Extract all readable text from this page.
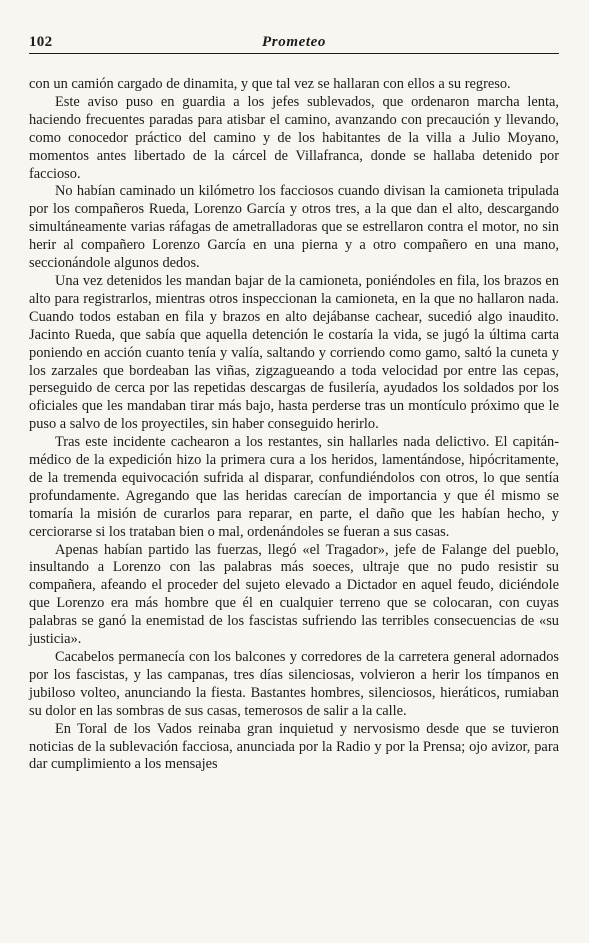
102	Prometeo

con un camión cargado de dinamita, y que tal vez se hallaran con ellos a su regreso.

Este aviso puso en guardia a los jefes sublevados, que ordenaron marcha lenta, haciendo frecuentes paradas para atisbar el camino, avanzando con precaución y llevando, como conocedor práctico del camino y de los habitantes de la villa a Julio Moyano, momentos antes libertado de la cárcel de Villafranca, donde se hallaba detenido por faccioso.

No habían caminado un kilómetro los facciosos cuando divisan la camioneta tripulada por los compañeros Rueda, Lorenzo García y otros tres, a la que dan el alto, descargando simultáneamente varias ráfagas de ametralladoras que se estrellaron contra el motor, no sin herir al compañero Lorenzo García en una pierna y a otro compañero en una mano, seccionándole algunos dedos.

Una vez detenidos les mandan bajar de la camioneta, poniéndoles en fila, los brazos en alto para registrarlos, mientras otros inspeccionan la camioneta, en la que no hallaron nada. Cuando todos estaban en fila y brazos en alto dejábanse cachear, sucedió algo inaudito. Jacinto Rueda, que sabía que aquella detención le costaría la vida, se jugó la última carta poniendo en acción cuanto tenía y valía, saltando y corriendo como gamo, saltó la cuneta y los zarzales que bordeaban las viñas, zigzagueando a toda velocidad por entre las cepas, perseguido de cerca por las repetidas descargas de fusilería, ayudados los soldados por los oficiales que les mandaban tirar más bajo, hasta perderse tras un montículo próximo que le puso a salvo de los proyectiles, sin haber conseguido herirlo.

Tras este incidente cachearon a los restantes, sin hallarles nada delictivo. El capitán-médico de la expedición hizo la primera cura a los heridos, lamentándose, hipócritamente, de la tremenda equivocación sufrida al disparar, confundiéndolos con otros, lo que sentía profundamente. Agregando que las heridas carecían de importancia y que él mismo se tomaría la misión de curarlos para reparar, en parte, el daño que les habían hecho, y cerciorarse si los trataban bien o mal, ordenándoles se fueran a sus casas.

Apenas habían partido las fuerzas, llegó «el Tragador», jefe de Falange del pueblo, insultando a Lorenzo con las palabras más soeces, ultraje que no pudo resistir su compañera, afeando el proceder del sujeto elevado a Dictador en aquel feudo, diciéndole que Lorenzo era más hombre que él en cualquier terreno que se colocaran, con cuyas palabras se ganó la enemistad de los fascistas sufriendo las terribles consecuencias de «su justicia».

Cacabelos permanecía con los balcones y corredores de la carretera general adornados por los fascistas, y las campanas, tres días silenciosas, volvieron a herir los tímpanos en jubiloso volteo, anunciando la fiesta. Bastantes hombres, silenciosos, hieráticos, rumiaban su dolor en las sombras de sus casas, temerosos de salir a la calle.

En Toral de los Vados reinaba gran inquietud y nervosismo desde que se tuvieron noticias de la sublevación facciosa, anunciada por la Radio y por la Prensa; ojo avizor, para dar cumplimiento a los mensajes
